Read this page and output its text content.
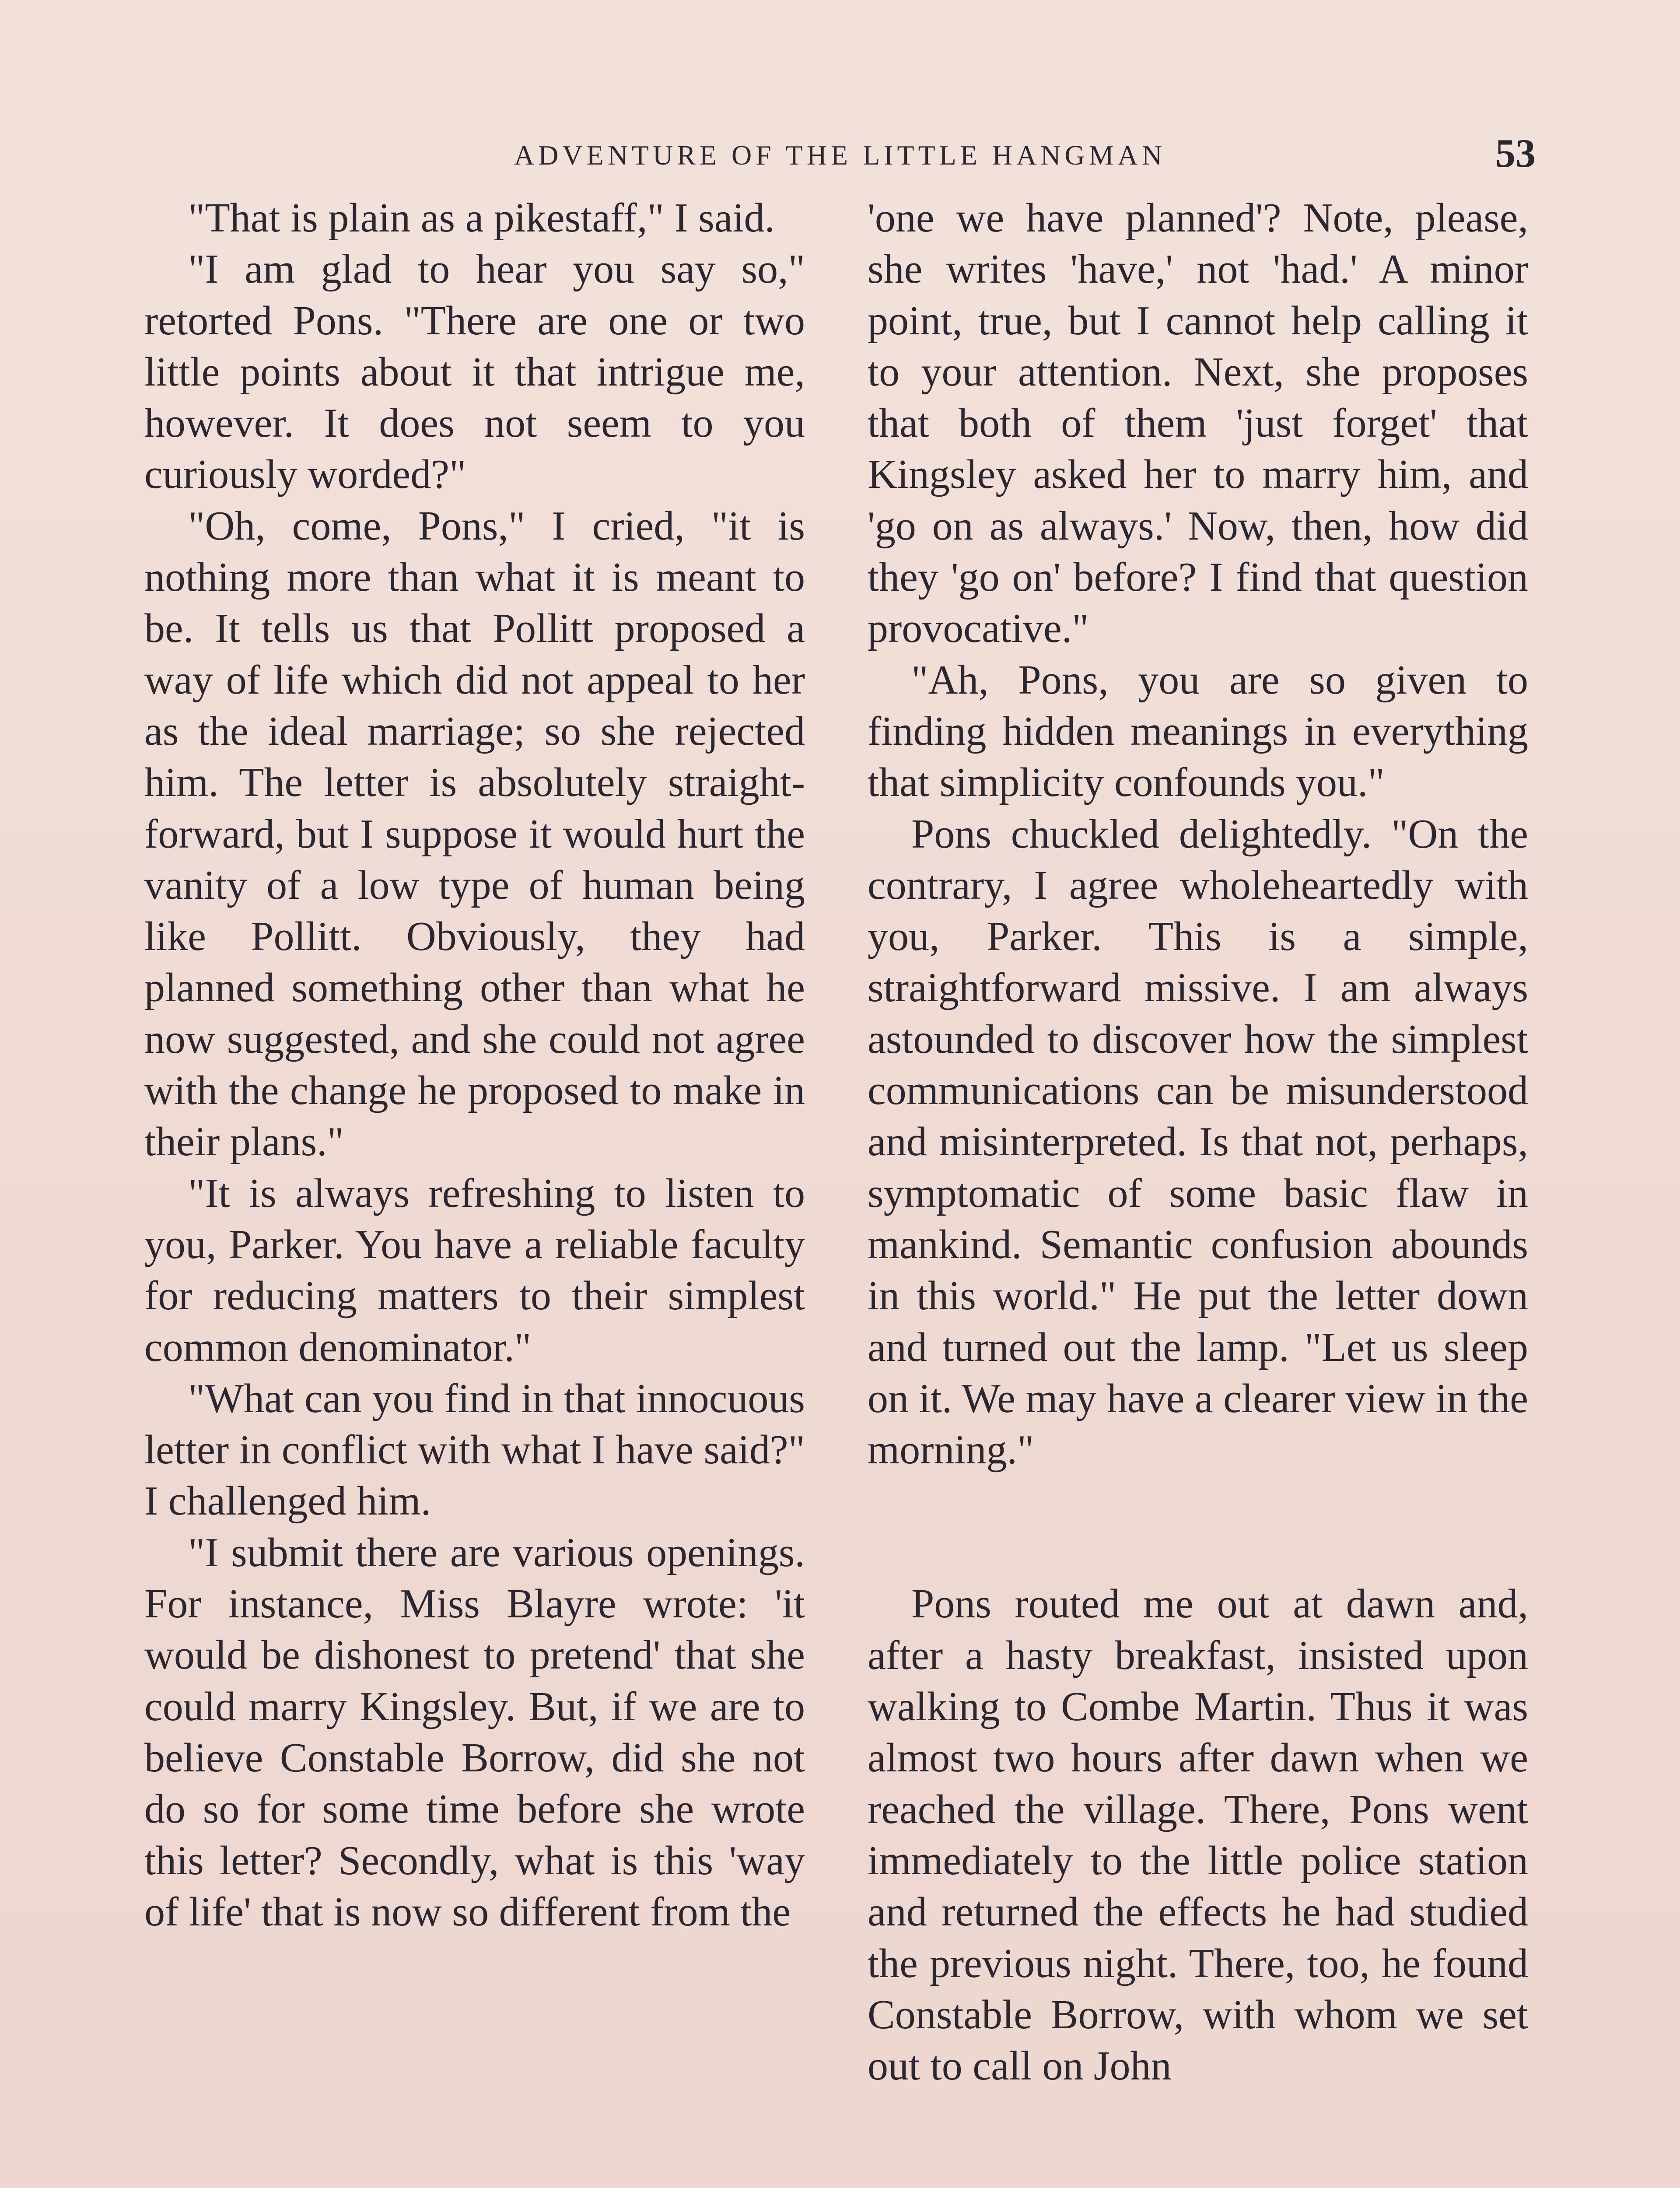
ADVENTURE OF THE LITTLE HANGMAN	53

"That is plain as a pikestaff," I said.

"I am glad to hear you say so," retorted Pons. "There are one or two little points about it that intrigue me, however. It does not seem to you curiously worded?"

"Oh, come, Pons," I cried, "it is nothing more than what it is meant to be. It tells us that Pollitt proposed a way of life which did not appeal to her as the ideal marriage; so she rejected him. The letter is absolutely straightforward, but I suppose it would hurt the vanity of a low type of human being like Pollitt. Obviously, they had planned something other than what he now suggested, and she could not agree with the change he proposed to make in their plans."

"It is always refreshing to listen to you, Parker. You have a reliable faculty for reducing matters to their simplest common denominator."

"What can you find in that innocuous letter in conflict with what I have said?" I challenged him.

"I submit there are various openings. For instance, Miss Blayre wrote: 'it would be dishonest to pretend' that she could marry Kingsley. But, if we are to believe Constable Borrow, did she not do so for some time before she wrote this letter? Secondly, what is this 'way of life' that is now so different from the

'one we have planned'? Note, please, she writes 'have,' not 'had.' A minor point, true, but I cannot help calling it to your attention. Next, she proposes that both of them 'just forget' that Kingsley asked her to marry him, and 'go on as always.' Now, then, how did they 'go on' before? I find that question provocative."

"Ah, Pons, you are so given to finding hidden meanings in everything that simplicity confounds you."

Pons chuckled delightedly. "On the contrary, I agree wholeheartedly with you, Parker. This is a simple, straightforward missive. I am always astounded to discover how the simplest communications can be misunderstood and misinterpreted. Is that not, perhaps, symptomatic of some basic flaw in mankind. Semantic confusion abounds in this world." He put the letter down and turned out the lamp. "Let us sleep on it. We may have a clearer view in the morning."

Pons routed me out at dawn and, after a hasty breakfast, insisted upon walking to Combe Martin. Thus it was almost two hours after dawn when we reached the village. There, Pons went immediately to the little police station and returned the effects he had studied the previous night. There, too, he found Constable Borrow, with whom we set out to call on John
